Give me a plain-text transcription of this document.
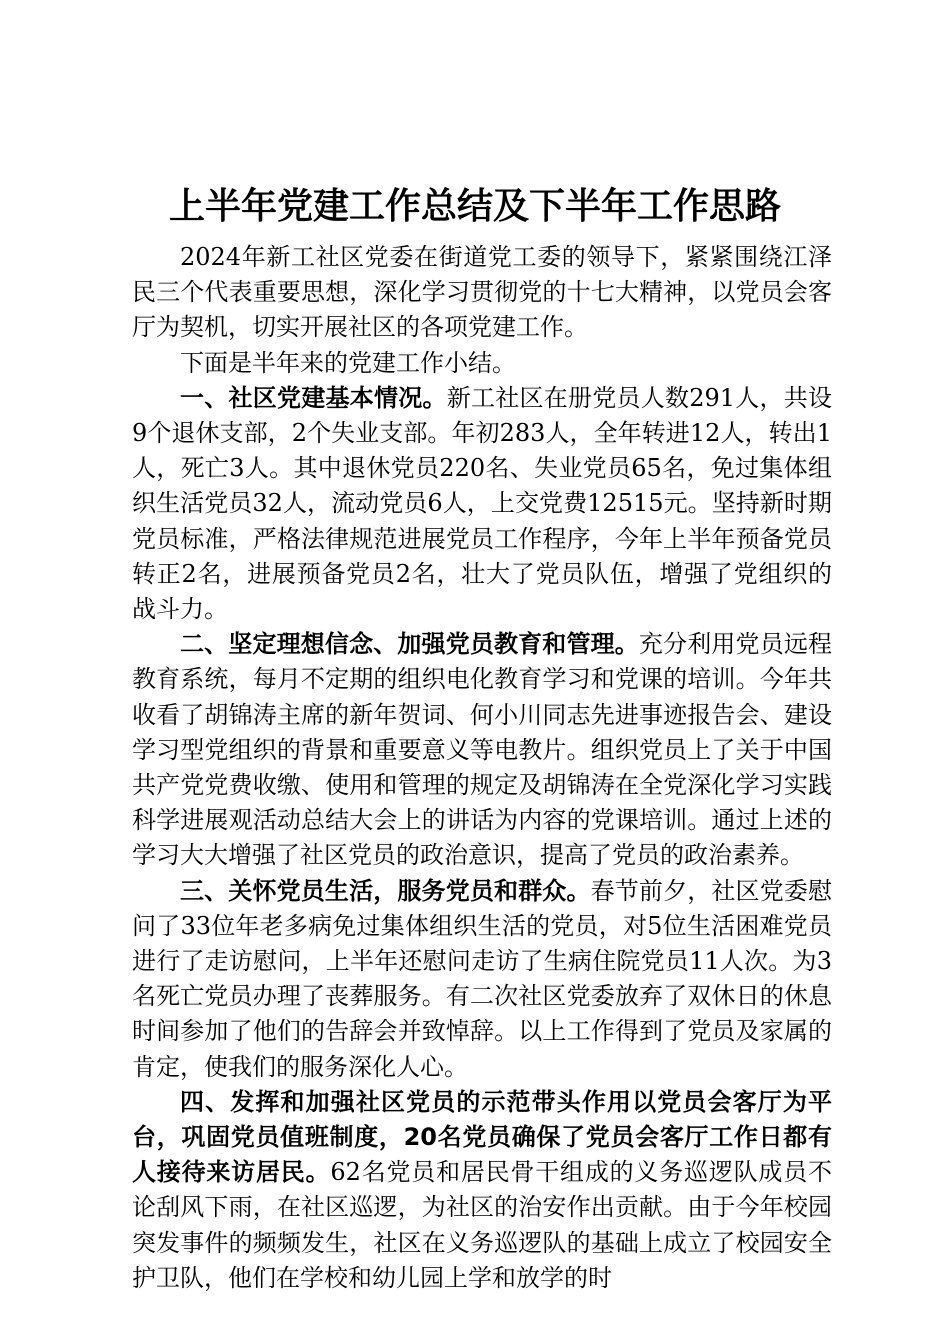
上半年党建工作总结及下半年工作思路

2024年新工社区党委在街道党工委的领导下，紧紧围绕江泽民三个代表重要思想，深化学习贯彻党的十七大精神，以党员会客厅为契机，切实开展社区的各项党建工作。

下面是半年来的党建工作小结。

一、社区党建基本情况。新工社区在册党员人数291人，共设9个退休支部，2个失业支部。年初283人，全年转进12人，转出1人，死亡3人。其中退休党员220名、失业党员65名，免过集体组织生活党员32人，流动党员6人，上交党费12515元。坚持新时期党员标准，严格法律规范进展党员工作程序，今年上半年预备党员转正2名，进展预备党员2名，壮大了党员队伍，增强了党组织的战斗力。

二、坚定理想信念、加强党员教育和管理。充分利用党员远程教育系统，每月不定期的组织电化教育学习和党课的培训。今年共收看了胡锦涛主席的新年贺词、何小川同志先进事迹报告会、建设学习型党组织的背景和重要意义等电教片。组织党员上了关于中国共产党党费收缴、使用和管理的规定及胡锦涛在全党深化学习实践科学进展观活动总结大会上的讲话为内容的党课培训。通过上述的学习大大增强了社区党员的政治意识，提高了党员的政治素养。

三、关怀党员生活，服务党员和群众。春节前夕，社区党委慰问了33位年老多病免过集体组织生活的党员，对5位生活困难党员进行了走访慰问，上半年还慰问走访了生病住院党员11人次。为3名死亡党员办理了丧葬服务。有二次社区党委放弃了双休日的休息时间参加了他们的告辞会并致悼辞。以上工作得到了党员及家属的肯定，使我们的服务深化人心。

四、发挥和加强社区党员的示范带头作用以党员会客厅为平台，巩固党员值班制度，20名党员确保了党员会客厅工作日都有人接待来访居民。62名党员和居民骨干组成的义务巡逻队成员不论刮风下雨，在社区巡逻，为社区的治安作出贡献。由于今年校园突发事件的频频发生，社区在义务巡逻队的基础上成立了校园安全护卫队，他们在学校和幼儿园上学和放学的时
